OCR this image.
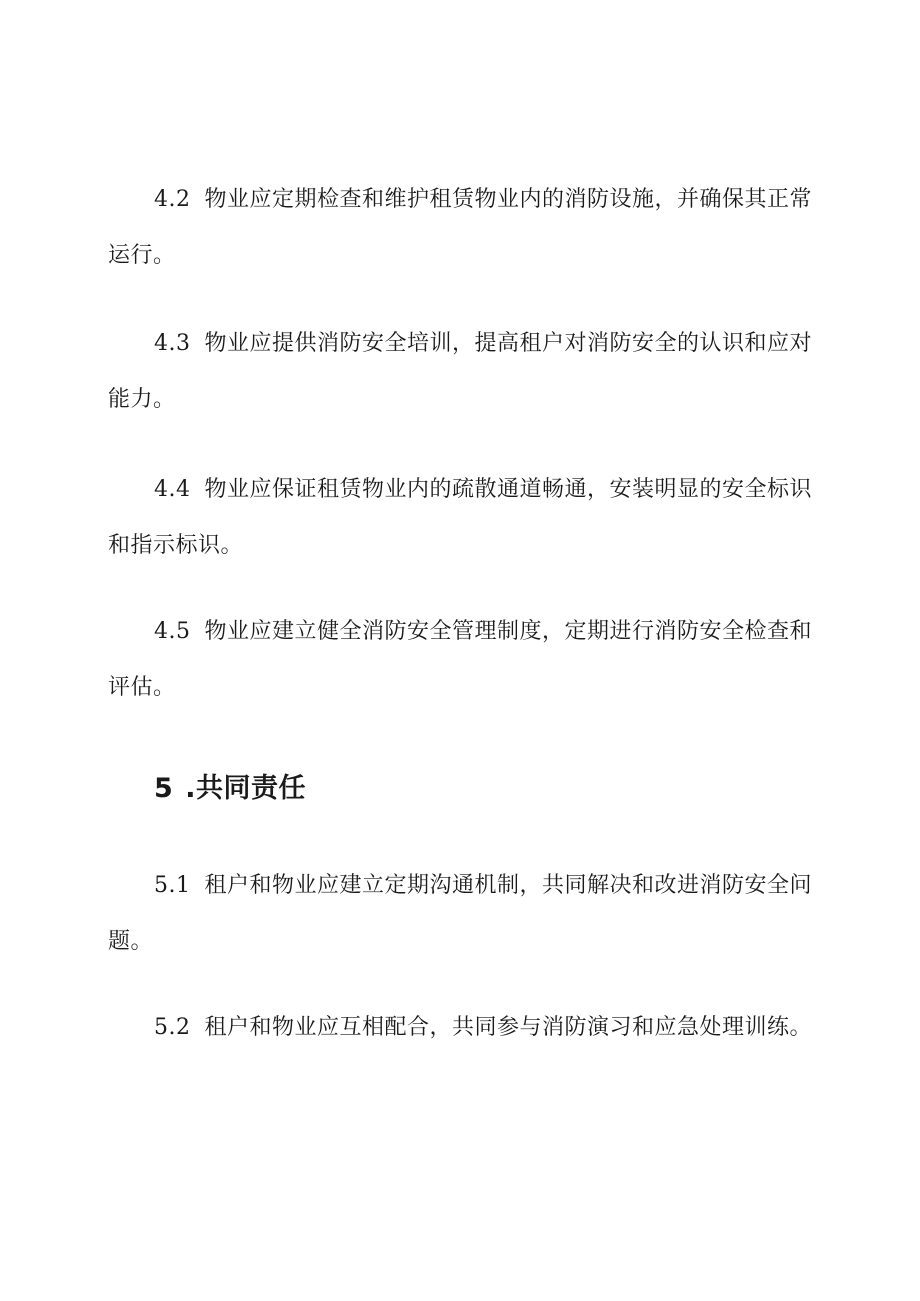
4.2 物业应定期检查和维护租赁物业内的消防设施，并确保其正常运行。

4.3 物业应提供消防安全培训，提高租户对消防安全的认识和应对能力。

4.4 物业应保证租赁物业内的疏散通道畅通，安装明显的安全标识和指示标识。

4.5 物业应建立健全消防安全管理制度，定期进行消防安全检查和评估。

5 .共同责任

5.1 租户和物业应建立定期沟通机制，共同解决和改进消防安全问题。

5.2 租户和物业应互相配合，共同参与消防演习和应急处理训练。
